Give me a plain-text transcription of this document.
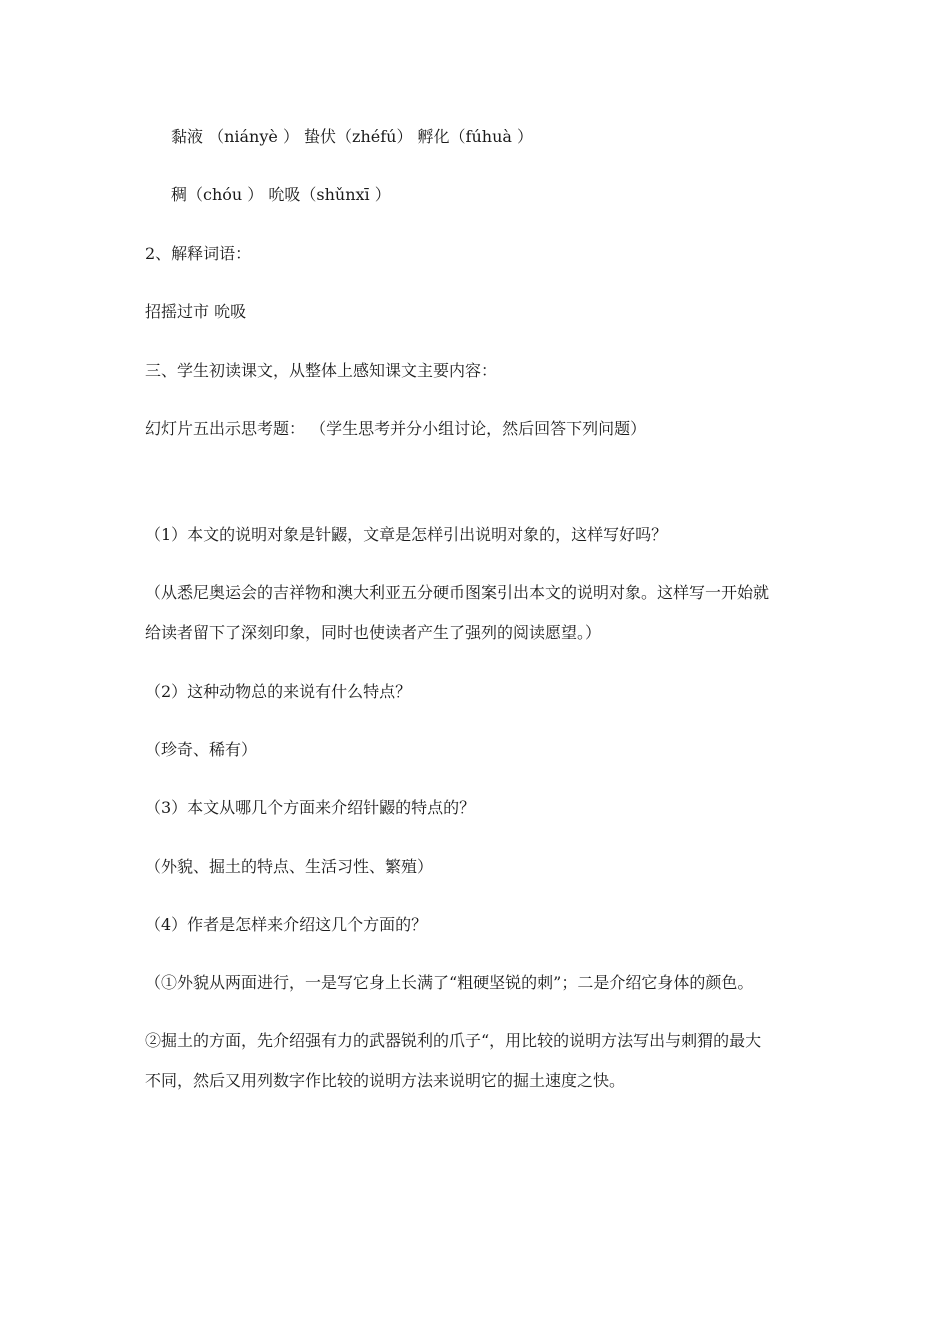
黏液 （niányè ） 蛰伏（zhéfú） 孵化（fúhuà ）
稠（chóu ） 吮吸（shǔnxī ）
2、解释词语：
招摇过市 吮吸
三、学生初读课文，从整体上感知课文主要内容：
幻灯片五出示思考题： （学生思考并分小组讨论，然后回答下列问题）
（1）本文的说明对象是针鼹，文章是怎样引出说明对象的，这样写好吗？
（从悉尼奥运会的吉祥物和澳大利亚五分硬币图案引出本文的说明对象。这样写一开始就
给读者留下了深刻印象，同时也使读者产生了强列的阅读愿望。）
（2）这种动物总的来说有什么特点？
（珍奇、稀有）
（3）本文从哪几个方面来介绍针鼹的特点的？
（外貌、掘土的特点、生活习性、繁殖）
（4）作者是怎样来介绍这几个方面的？
（①外貌从两面进行，一是写它身上长满了“粗硬坚锐的刺”；二是介绍它身体的颜色。
②掘土的方面，先介绍强有力的武器锐利的爪子“，用比较的说明方法写出与刺猬的最大
不同，然后又用列数字作比较的说明方法来说明它的掘土速度之快。
